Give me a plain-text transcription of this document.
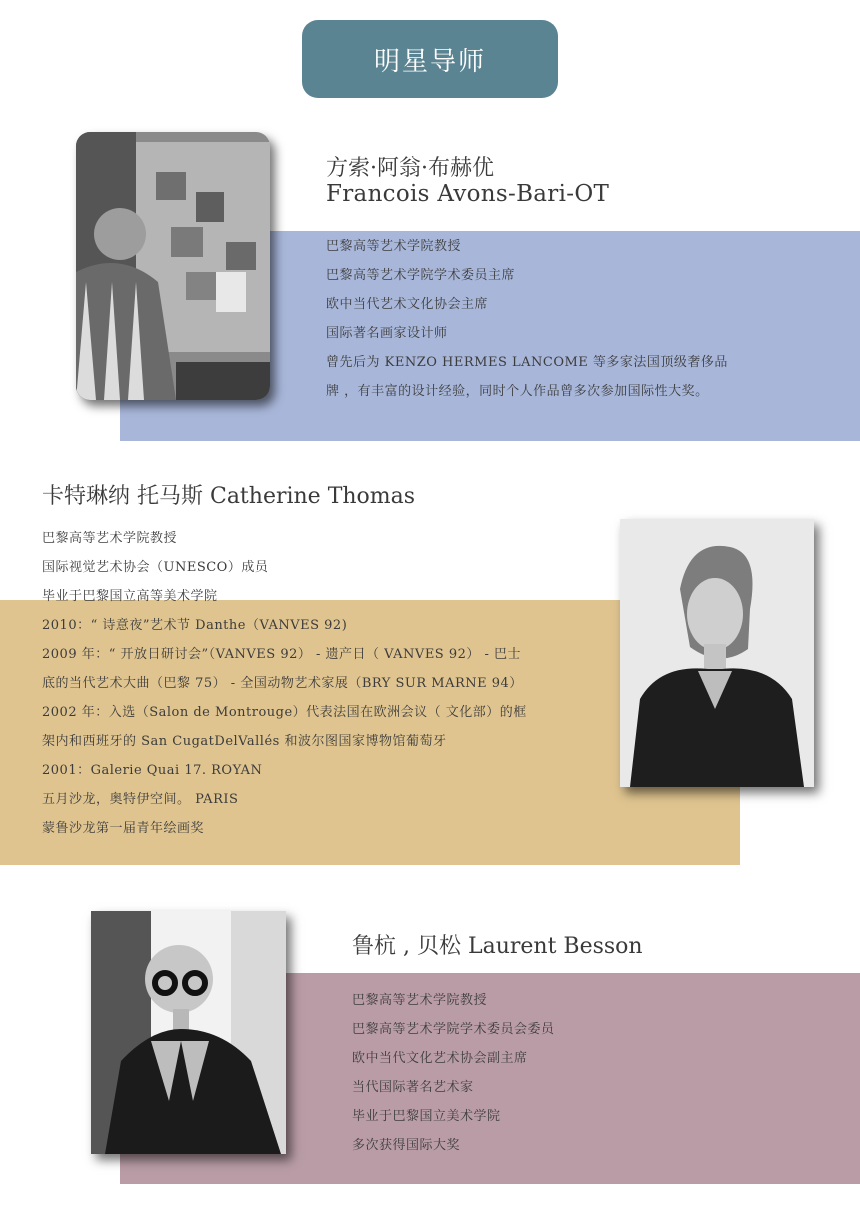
明星导师
方索·阿翁·布赫优
Francois Avons-Bari-OT
巴黎高等艺术学院教授
巴黎高等艺术学院学术委员主席
欧中当代艺术文化协会主席
国际著名画家设计师
曾先后为 KENZO HERMES LANCOME 等多家法国顶级奢侈品
牌 ，有丰富的设计经验，同时个人作品曾多次参加国际性大奖。
卡特琳纳 托马斯 Catherine Thomas
巴黎高等艺术学院教授
国际视觉艺术协会（UNESCO）成员
毕业于巴黎国立高等美术学院
2010：“ 诗意夜”艺术节 Danthe（VANVES 92)
2009 年：“ 开放日研讨会”（VANVES 92） - 遗产日（ VANVES 92） - 巴士
底的当代艺术大曲（巴黎 75） - 全国动物艺术家展（BRY SUR MARNE 94）
2002 年：入选（Salon de Montrouge）代表法国在欧洲会议（ 文化部）的框
架内和西班牙的 San CugatDelVallés 和波尔图国家博物馆葡萄牙
2001：Galerie Quai 17. ROYAN
五月沙龙，奥特伊空间。 PARIS
蒙鲁沙龙第一届青年绘画奖
鲁杭 , 贝松 Laurent Besson
巴黎高等艺术学院教授
巴黎高等艺术学院学术委员会委员
欧中当代文化艺术协会副主席
当代国际著名艺术家
毕业于巴黎国立美术学院
多次获得国际大奖
